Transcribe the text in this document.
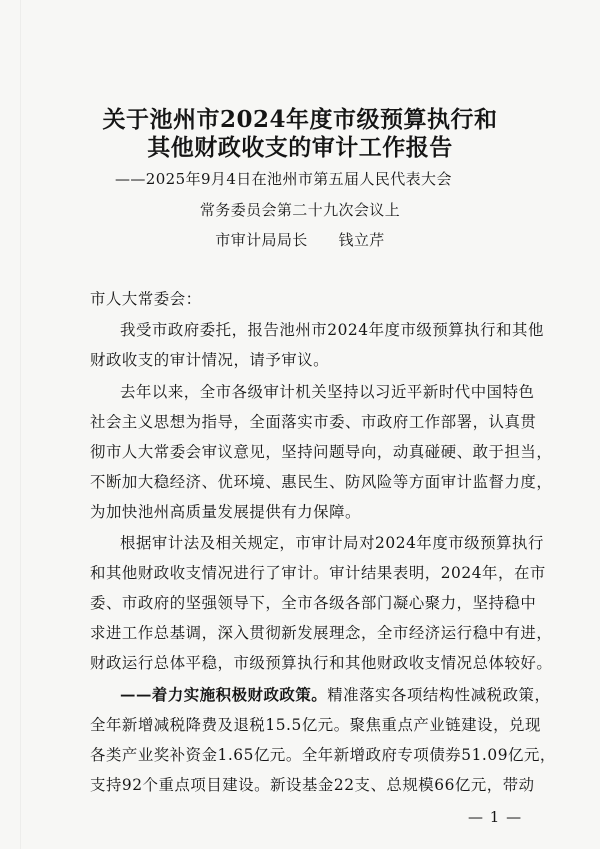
关于池州市2024年度市级预算执行和
其他财政收支的审计工作报告
——2025年9月4日在池州市第五届人民代表大会
常务委员会第二十九次会议上
市审计局局长　　钱立芹
市人大常委会：
我受市政府委托，报告池州市2024年度市级预算执行和其他
财政收支的审计情况，请予审议。
去年以来，全市各级审计机关坚持以习近平新时代中国特色
社会主义思想为指导，全面落实市委、市政府工作部署，认真贯
彻市人大常委会审议意见，坚持问题导向，动真碰硬、敢于担当，
不断加大稳经济、优环境、惠民生、防风险等方面审计监督力度，
为加快池州高质量发展提供有力保障。
根据审计法及相关规定，市审计局对2024年度市级预算执行
和其他财政收支情况进行了审计。审计结果表明，2024年，在市
委、市政府的坚强领导下，全市各级各部门凝心聚力，坚持稳中
求进工作总基调，深入贯彻新发展理念，全市经济运行稳中有进，
财政运行总体平稳，市级预算执行和其他财政收支情况总体较好。
——着力实施积极财政政策。精准落实各项结构性减税政策，
全年新增减税降费及退税15.5亿元。聚焦重点产业链建设，兑现
各类产业奖补资金1.65亿元。全年新增政府专项债券51.09亿元，
支持92个重点项目建设。新设基金22支、总规模66亿元，带动
— 1 —
